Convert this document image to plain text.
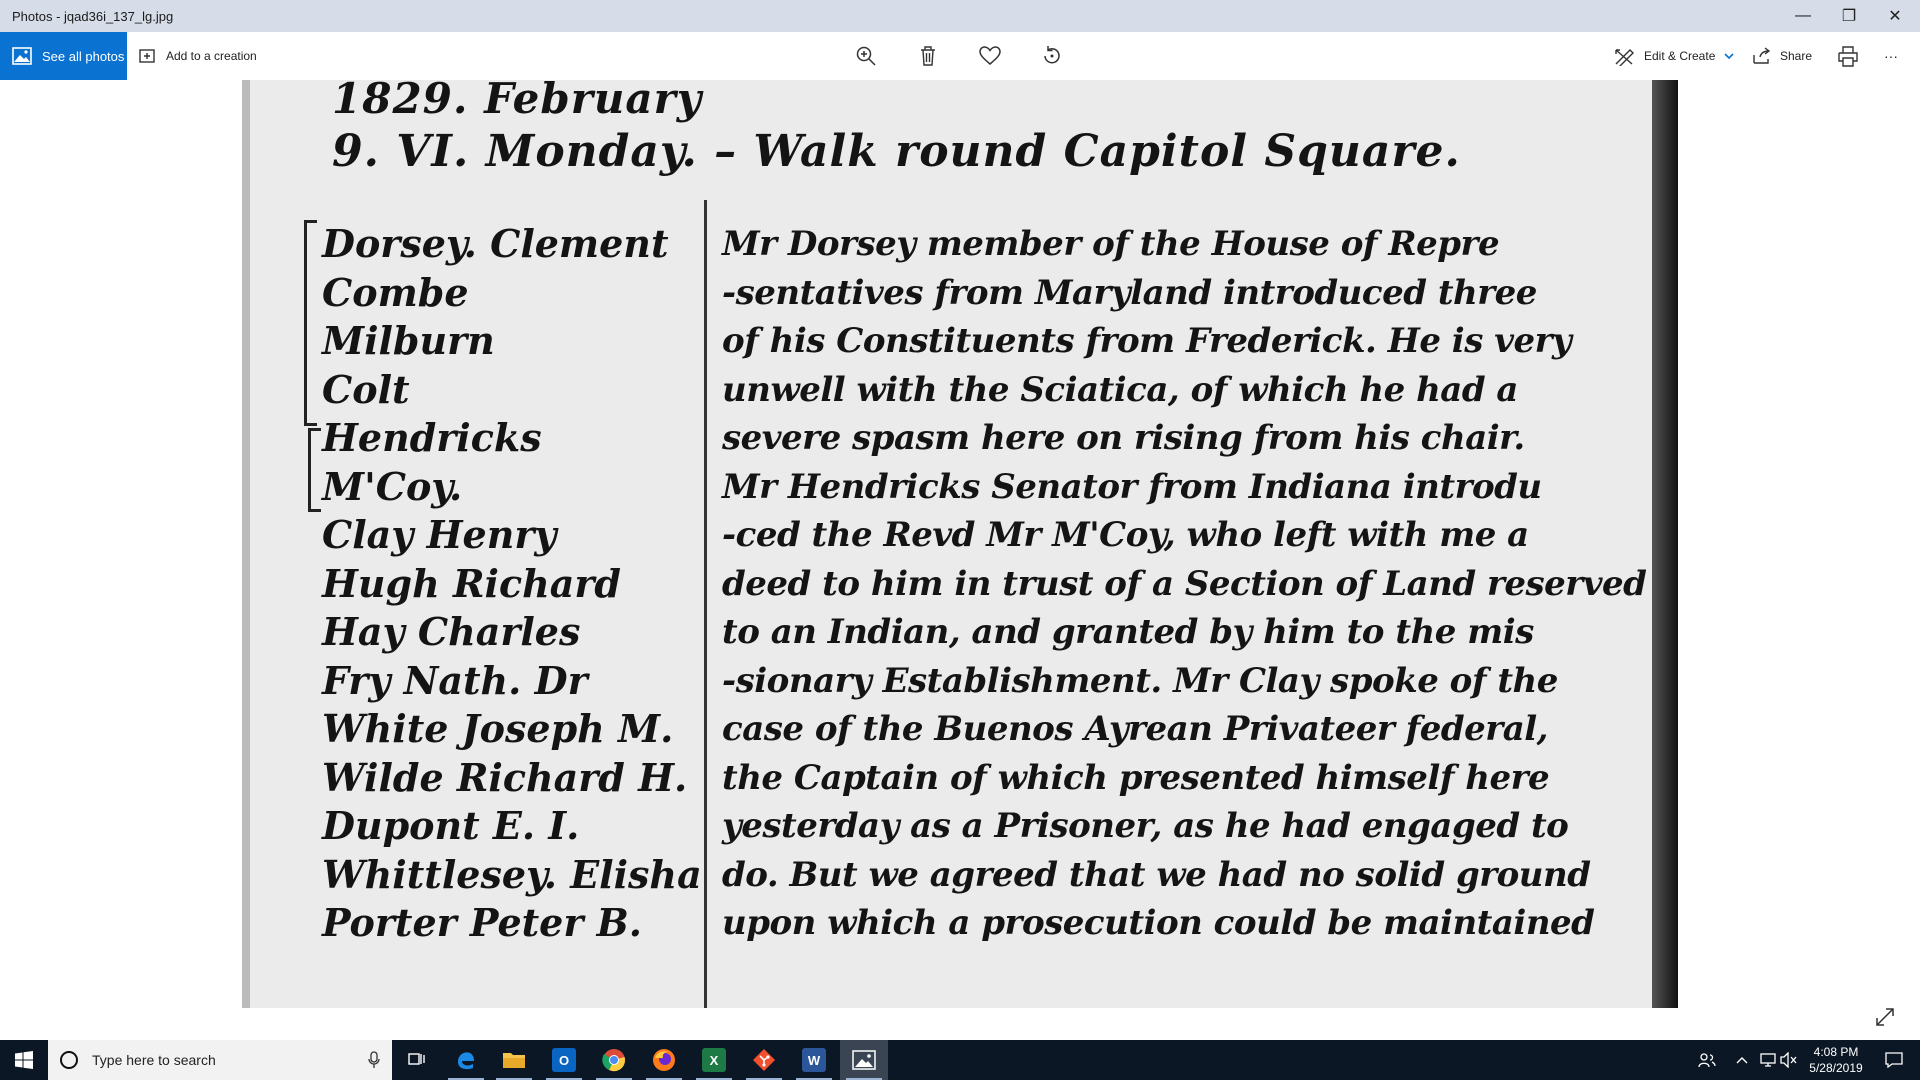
Photos - jqad36i_137_lg.jpg	—	❐	✕
See all photos	Add to a creation	Edit & Create	Share	···
1829. February
9. VI. Monday. – Walk round Capitol Square.
Dorsey. Clement
Combe
Milburn
Colt
Hendricks
M'Coy.
Clay Henry
Hugh Richard
Hay Charles
Fry Nath. Dr
White Joseph M.
Wilde Richard H.
Dupont E. I.
Whittlesey. Elisha
Porter Peter B.
Mr Dorsey member of the House of Repre
-sentatives from Maryland introduced three
of his Constituents from Frederick. He is very
unwell with the Sciatica, of which he had a
severe spasm here on rising from his chair.
Mr Hendricks Senator from Indiana introdu
-ced the Revd Mr M'Coy, who left with me a
deed to him in trust of a Section of Land reserved
to an Indian, and granted by him to the mis
-sionary Establishment. Mr Clay spoke of the
case of the Buenos Ayrean Privateer federal,
the Captain of which presented himself here
yesterday as a Prisoner, as he had engaged to
do. But we agreed that we had no solid ground
upon which a prosecution could be maintained
Type here to search	O	X	W
4:08 PM
5/28/2019
